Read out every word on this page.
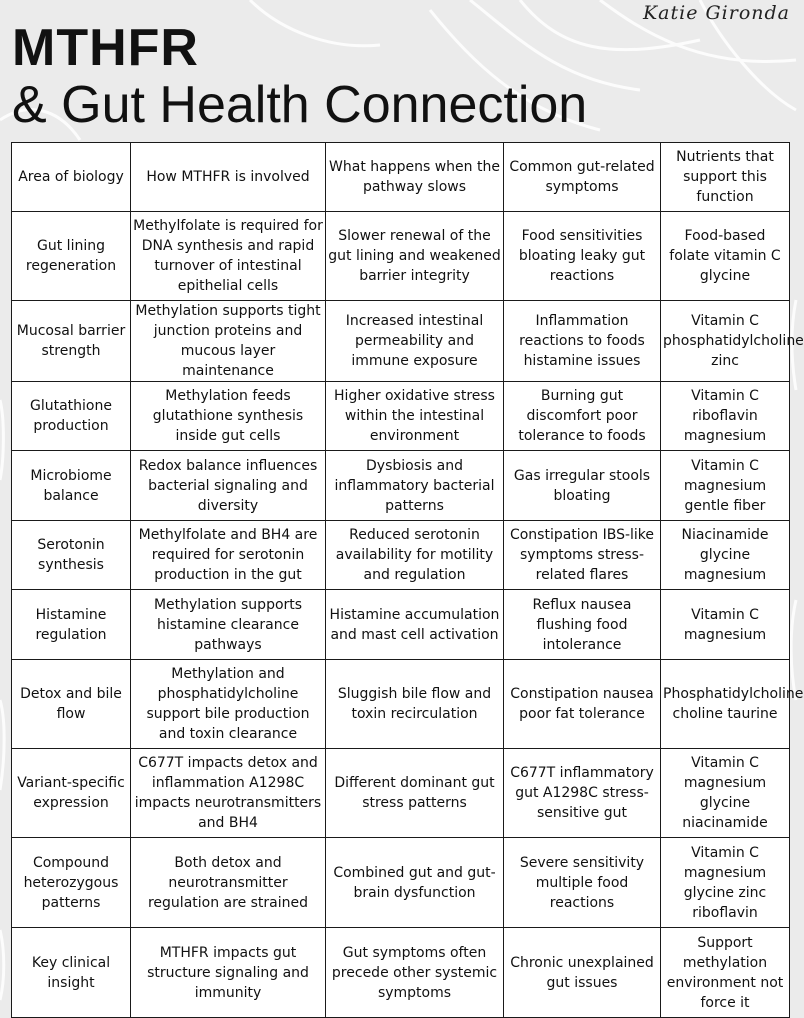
Katie Gironda
MTHFR
& Gut Health Connection
Area of biology	How MTHFR is involved	What happens when the pathway slows	Common gut-related symptoms	Nutrients that support this function
Gut lining regeneration	Methylfolate is required for DNA synthesis and rapid turnover of intestinal epithelial cells	Slower renewal of the gut lining and weakened barrier integrity	Food sensitivities bloating leaky gut reactions	Food-based folate vitamin C glycine
Mucosal barrier strength	Methylation supports tight junction proteins and mucous layer maintenance	Increased intestinal permeability and immune exposure	Inflammation reactions to foods histamine issues	Vitamin C phosphatidylcholine zinc
Glutathione production	Methylation feeds glutathione synthesis inside gut cells	Higher oxidative stress within the intestinal environment	Burning gut discomfort poor tolerance to foods	Vitamin C riboflavin magnesium
Microbiome balance	Redox balance influences bacterial signaling and diversity	Dysbiosis and inflammatory bacterial patterns	Gas irregular stools bloating	Vitamin C magnesium gentle fiber
Serotonin synthesis	Methylfolate and BH4 are required for serotonin production in the gut	Reduced serotonin availability for motility and regulation	Constipation IBS-like symptoms stress-related flares	Niacinamide glycine magnesium
Histamine regulation	Methylation supports histamine clearance pathways	Histamine accumulation and mast cell activation	Reflux nausea flushing food intolerance	Vitamin C magnesium
Detox and bile flow	Methylation and phosphatidylcholine support bile production and toxin clearance	Sluggish bile flow and toxin recirculation	Constipation nausea poor fat tolerance	Phosphatidylcholine choline taurine
Variant-specific expression	C677T impacts detox and inflammation A1298C impacts neurotransmitters and BH4	Different dominant gut stress patterns	C677T inflammatory gut A1298C stress-sensitive gut	Vitamin C magnesium glycine niacinamide
Compound heterozygous patterns	Both detox and neurotransmitter regulation are strained	Combined gut and gut-brain dysfunction	Severe sensitivity multiple food reactions	Vitamin C magnesium glycine zinc riboflavin
Key clinical insight	MTHFR impacts gut structure signaling and immunity	Gut symptoms often precede other systemic symptoms	Chronic unexplained gut issues	Support methylation environment not force it
